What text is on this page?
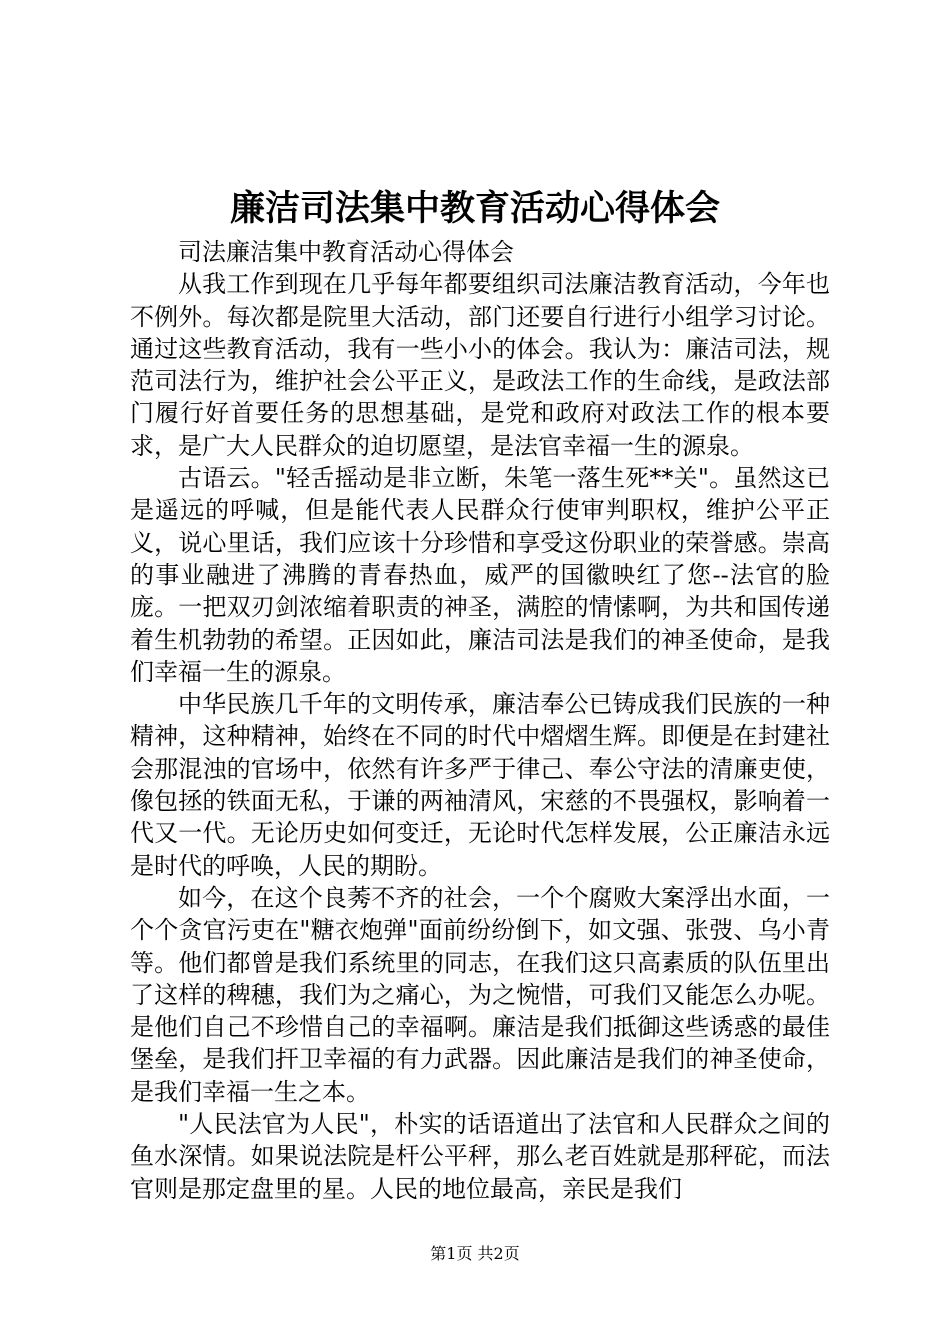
廉洁司法集中教育活动心得体会

司法廉洁集中教育活动心得体会

从我工作到现在几乎每年都要组织司法廉洁教育活动，今年也不例外。每次都是院里大活动，部门还要自行进行小组学习讨论。通过这些教育活动，我有一些小小的体会。我认为：廉洁司法，规范司法行为，维护社会公平正义，是政法工作的生命线，是政法部门履行好首要任务的思想基础，是党和政府对政法工作的根本要求，是广大人民群众的迫切愿望，是法官幸福一生的源泉。

古语云。"轻舌摇动是非立断，朱笔一落生死**关"。虽然这已是遥远的呼喊，但是能代表人民群众行使审判职权，维护公平正义，说心里话，我们应该十分珍惜和享受这份职业的荣誉感。崇高的事业融进了沸腾的青春热血，威严的国徽映红了您--法官的脸庞。一把双刃剑浓缩着职责的神圣，满腔的情愫啊，为共和国传递着生机勃勃的希望。正因如此，廉洁司法是我们的神圣使命，是我们幸福一生的源泉。

中华民族几千年的文明传承，廉洁奉公已铸成我们民族的一种精神，这种精神，始终在不同的时代中熠熠生辉。即便是在封建社会那混浊的官场中，依然有许多严于律己、奉公守法的清廉吏使，像包拯的铁面无私，于谦的两袖清风，宋慈的不畏强权，影响着一代又一代。无论历史如何变迁，无论时代怎样发展，公正廉洁永远是时代的呼唤，人民的期盼。

如今，在这个良莠不齐的社会，一个个腐败大案浮出水面，一个个贪官污吏在"糖衣炮弹"面前纷纷倒下，如文强、张弢、乌小青等。他们都曾是我们系统里的同志，在我们这只高素质的队伍里出了这样的稗穗，我们为之痛心，为之惋惜，可我们又能怎么办呢。是他们自己不珍惜自己的幸福啊。廉洁是我们抵御这些诱惑的最佳堡垒，是我们扞卫幸福的有力武器。因此廉洁是我们的神圣使命，是我们幸福一生之本。

"人民法官为人民"，朴实的话语道出了法官和人民群众之间的鱼水深情。如果说法院是杆公平秤，那么老百姓就是那秤砣，而法官则是那定盘里的星。人民的地位最高，亲民是我们

第1页 共2页
